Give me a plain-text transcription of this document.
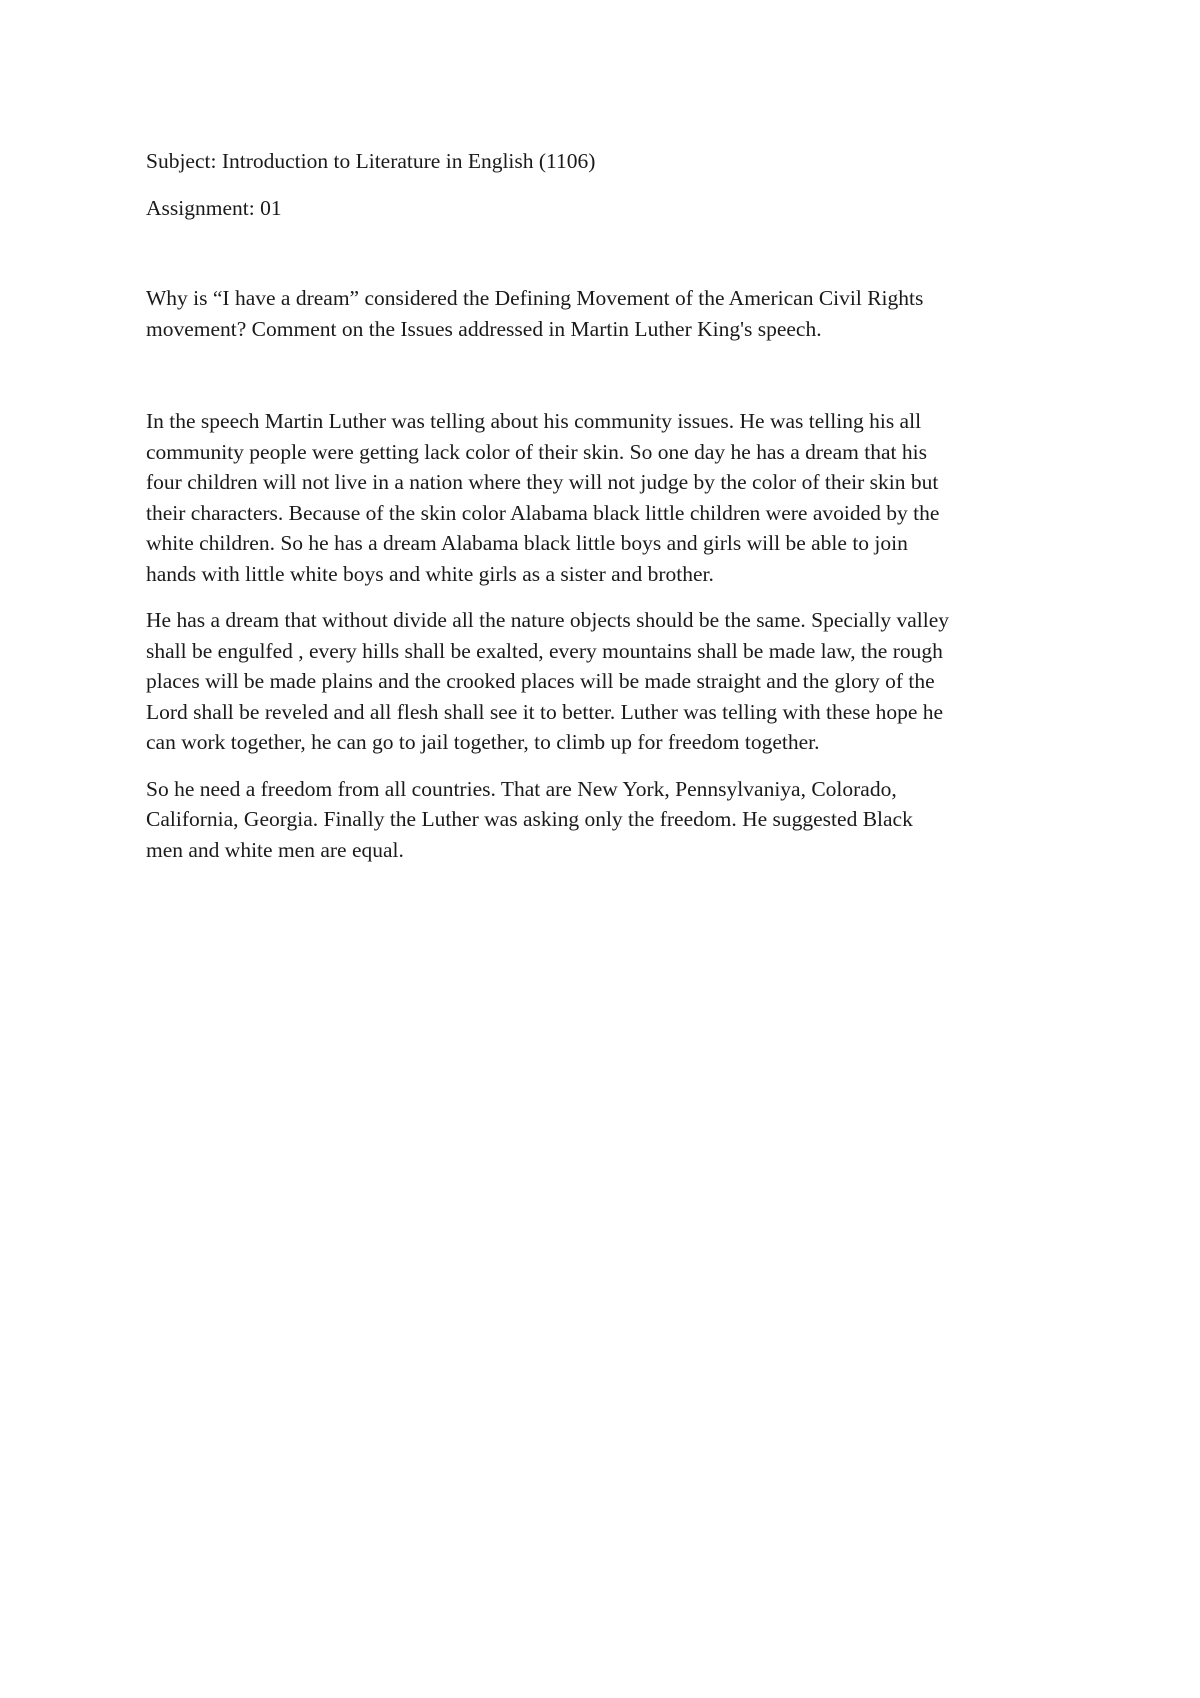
Subject: Introduction to Literature in English (1106)

Assignment: 01

Why is “I have a dream” considered the Defining Movement of the American Civil Rights
movement? Comment on the Issues addressed in Martin Luther King's speech.

In the speech Martin Luther was telling about his community issues. He was telling his all
community people were getting lack color of their skin. So one day he has a dream that his
four children will not live in a nation where they will not judge by the color of their skin but
their characters. Because of the skin color Alabama black little children were avoided by the
white children. So he has a dream Alabama black little boys and girls will be able to join
hands with little white boys and white girls as a sister and brother.

He has a dream that without divide all the nature objects should be the same. Specially valley
shall be engulfed , every hills shall be exalted, every mountains shall be made law, the rough
places will be made plains and the crooked places will be made straight and the glory of the
Lord shall be reveled and all flesh shall see it to better. Luther was telling with these hope he
can work together, he can go to jail together, to climb up for freedom together.

So he need a freedom from all countries. That are New York, Pennsylvaniya, Colorado,
California, Georgia. Finally the Luther was asking only the freedom. He suggested Black
men and white men are equal.
